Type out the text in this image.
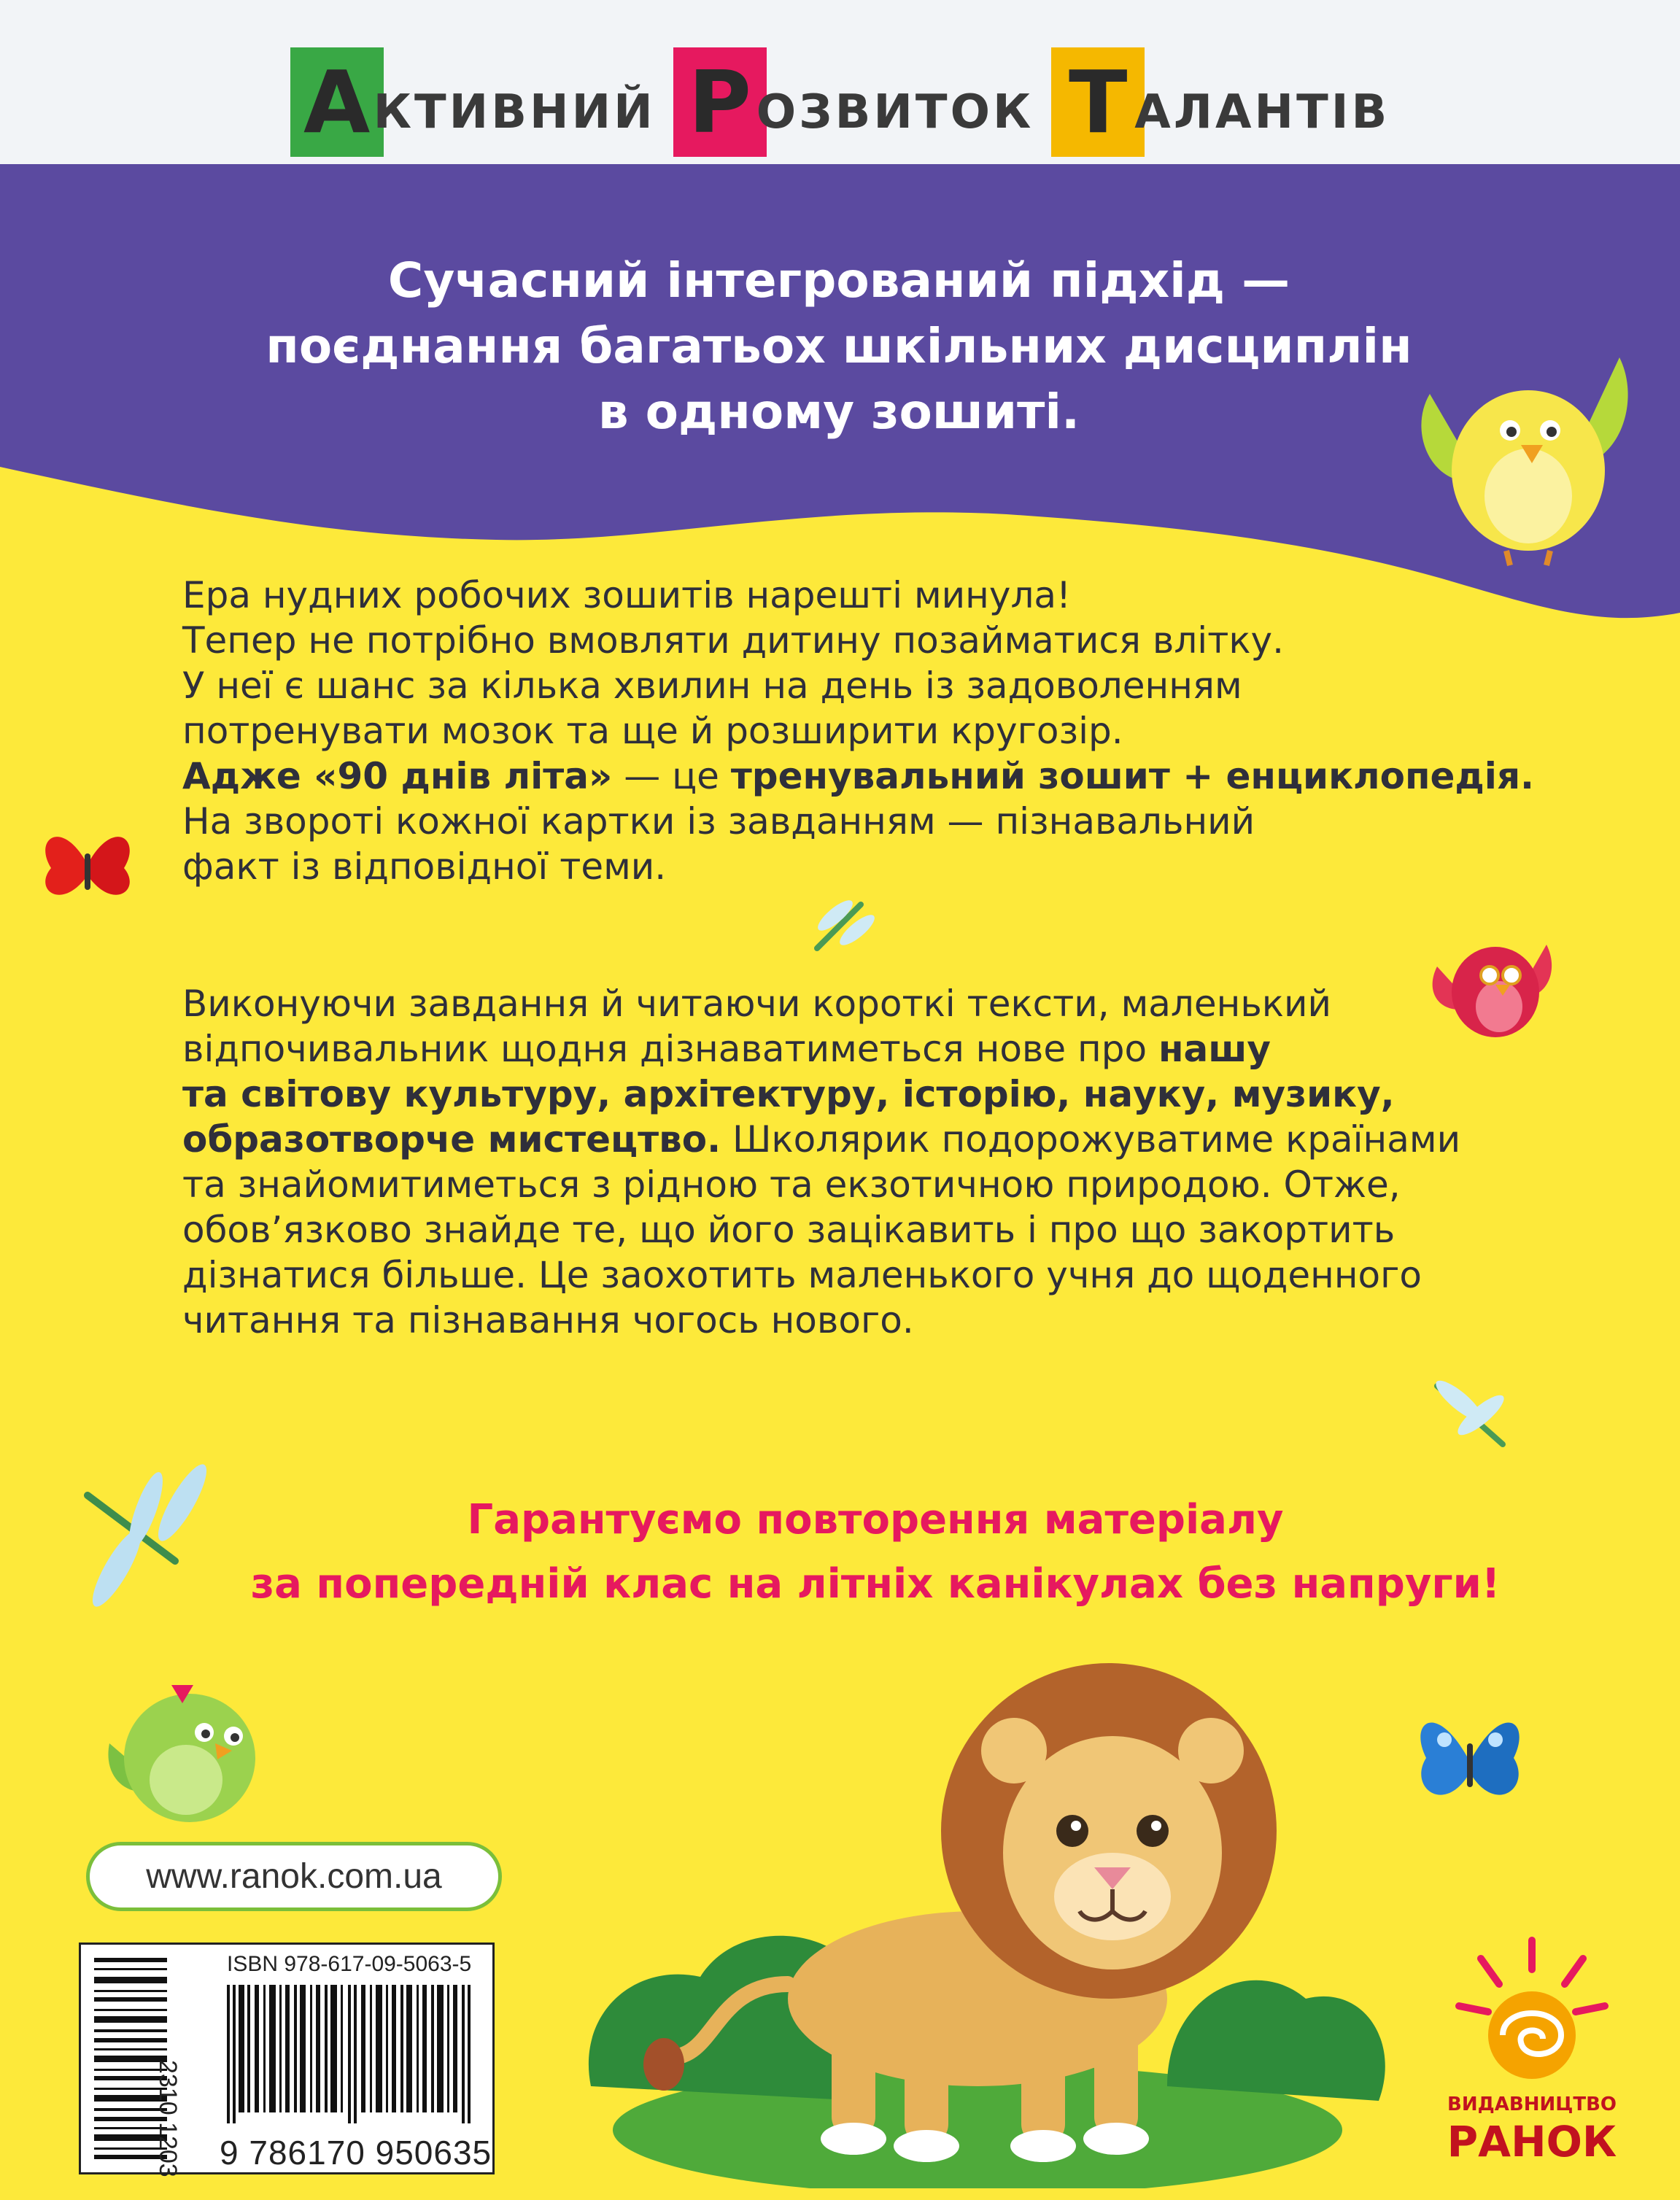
А КТИВНИЙ Р ОЗВИТОК Т АЛАНТІВ
Сучасний інтегрований підхід —
поєднання багатьох шкільних дисциплін
в одному зошиті.
Ера нудних робочих зошитів нарешті минула!
Тепер не потрібно вмовляти дитину позайматися влітку.
У неї є шанс за кілька хвилин на день із задоволенням
потренувати мозок та ще й розширити кругозір.
Адже «90 днів літа» — це тренувальний зошит + енциклопедія.
На звороті кожної картки із завданням — пізнавальний
факт із відповідної теми.
Виконуючи завдання й читаючи короткі тексти, маленький
відпочивальник щодня дізнаватиметься нове про нашу
та світову культуру, архітектуру, історію, науку, музику,
образотворче мистецтво. Школярик подорожуватиме країнами
та знайомитиметься з рідною та екзотичною природою. Отже,
обов’язково знайде те, що його зацікавить і про що закортить
дізнатися більше. Це заохотить маленького учня до щоденного
читання та пізнавання чогось нового.
Гарантуємо повторення матеріалу
за попередній клас на літніх канікулах без напруги!
www.ranok.com.ua
2310 1203
ISBN 978-617-09-5063-5
9 786170 950635
ВИДАВНИЦТВО
РАНОК
